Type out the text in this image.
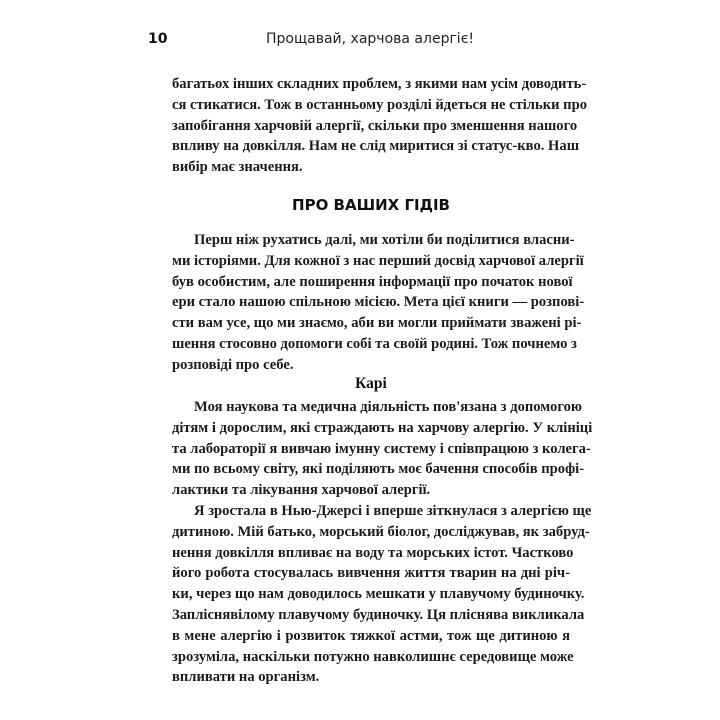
10	Прощавай, харчова алергіє!
багатьох інших складних проблем, з якими нам усім доводить-
ся стикатися. Тож в останньому розділі йдеться не стільки про
запобігання харчовій алергії, скільки про зменшення нашого
впливу на довкілля. Нам не слід миритися зі статус-кво. Наш
вибір має значення.
ПРО ВАШИХ ГІДІВ
Перш ніж рухатись далі, ми хотіли би поділитися власни-
ми історіями. Для кожної з нас перший досвід харчової алергії
був особистим, але поширення інформації про початок нової
ери стало нашою спільною місією. Мета цієї книги — розпові-
сти вам усе, що ми знаємо, аби ви могли приймати зважені рі-
шення стосовно допомоги собі та своїй родині. Тож почнемо з
розповіді про себе.
Карі
Моя наукова та медична діяльність пов'язана з допомогою
дітям і дорослим, які страждають на харчову алергію. У клініці
та лабораторії я вивчаю імунну систему і співпрацюю з колега-
ми по всьому світу, які поділяють моє бачення способів профі-
лактики та лікування харчової алергії.
Я зростала в Нью-Джерсі і вперше зіткнулася з алергією ще
дитиною. Мій батько, морський біолог, досліджував, як забруд-
нення довкілля впливає на воду та морських істот. Частково
його робота стосувалась вивчення життя тварин на дні річ-
ки, через що нам доводилось мешкати у плавучому будиночку.
Запліснявілому плавучому будиночку. Ця пліснява викликала
в мене алергію і розвиток тяжкої астми, тож ще дитиною я
зрозуміла, наскільки потужно навколишнє середовище може
впливати на організм.
